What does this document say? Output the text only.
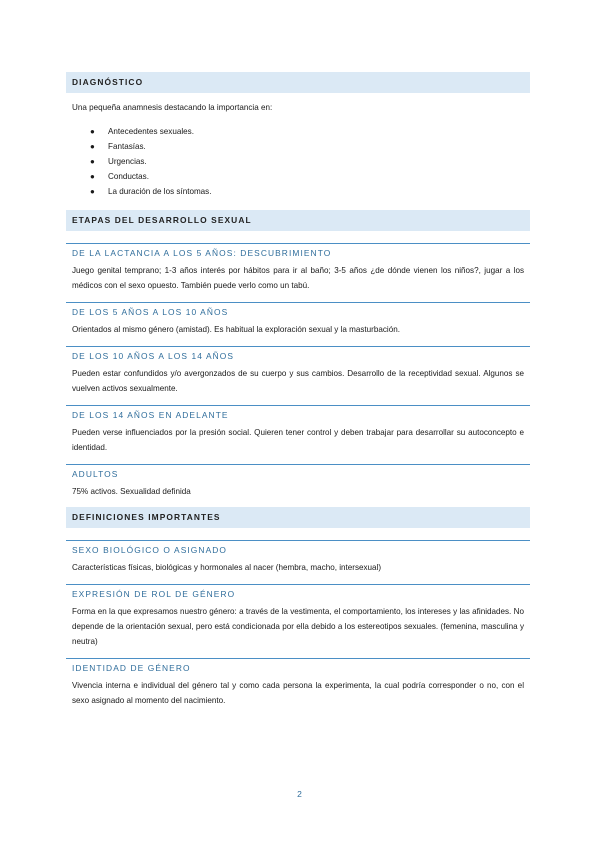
DIAGNÓSTICO

Una pequeña anamnesis destacando la importancia en:

● Antecedentes sexuales.
● Fantasías.
● Urgencias.
● Conductas.
● La duración de los síntomas.
ETAPAS DEL DESARROLLO SEXUAL
DE LA LACTANCIA A LOS 5 AÑOS: DESCUBRIMIENTO

Juego genital temprano; 1-3 años interés por hábitos para ir al baño; 3-5 años ¿de dónde vienen los niños?, jugar a los médicos con el sexo opuesto. También puede verlo como un tabú.

DE LOS 5 AÑOS A LOS 10 AÑOS

Orientados al mismo género (amistad). Es habitual la exploración sexual y la masturbación.

DE LOS 10 AÑOS A LOS 14 AÑOS

Pueden estar confundidos y/o avergonzados de su cuerpo y sus cambios. Desarrollo de la receptividad sexual. Algunos se vuelven activos sexualmente.

DE LOS 14 AÑOS EN ADELANTE

Pueden verse influenciados por la presión social. Quieren tener control y deben trabajar para desarrollar su autoconcepto e identidad.

ADULTOS

75% activos. Sexualidad definida

DEFINICIONES IMPORTANTES
SEXO BIOLÓGICO O ASIGNADO

Características físicas, biológicas y hormonales al nacer (hembra, macho, intersexual)

EXPRESIÓN DE ROL DE GÉNERO

Forma en la que expresamos nuestro género: a través de la vestimenta, el comportamiento, los intereses y las afinidades. No depende de la orientación sexual, pero está condicionada por ella debido a los estereotipos sexuales. (femenina, masculina y neutra)

IDENTIDAD DE GÉNERO

Vivencia interna e individual del género tal y como cada persona la experimenta, la cual podría corresponder o no, con el sexo asignado al momento del nacimiento.

2
